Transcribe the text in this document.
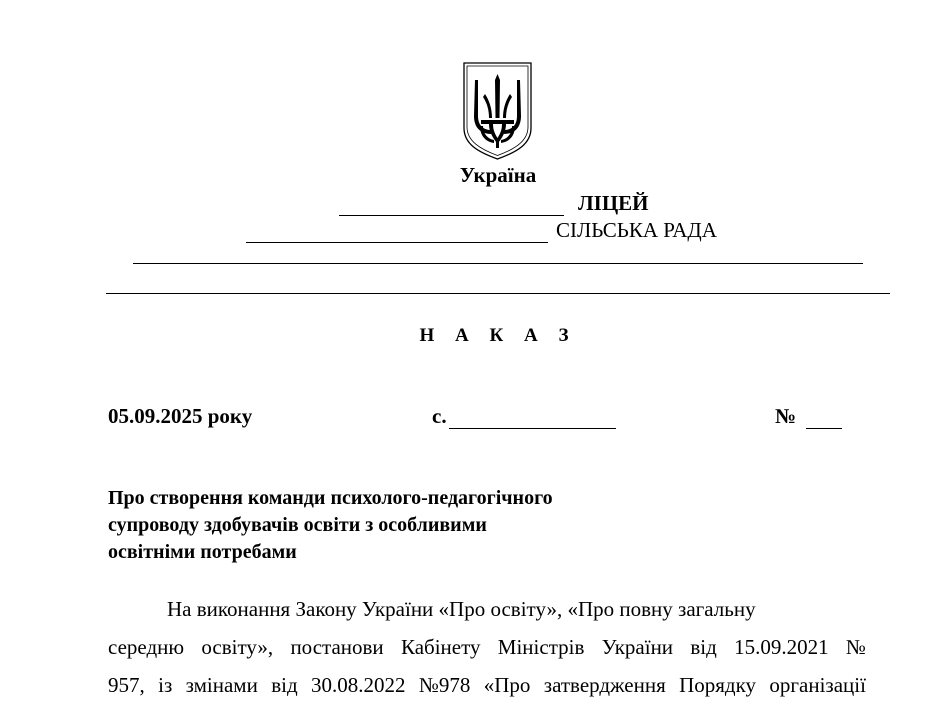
Україна
ЛІЦЕЙ
СІЛЬСЬКА РАДА
Н А К А З
05.09.2025 року	с.	№
Про створення команди психолого-педагогічного
супроводу здобувачів освіти з особливими
освітніми потребами
На виконання Закону України «Про освіту», «Про повну загальну
середню освіту», постанови Кабінету Міністрів України від 15.09.2021 №
957, із змінами від 30.08.2022 №978 «Про затвердження Порядку організації
